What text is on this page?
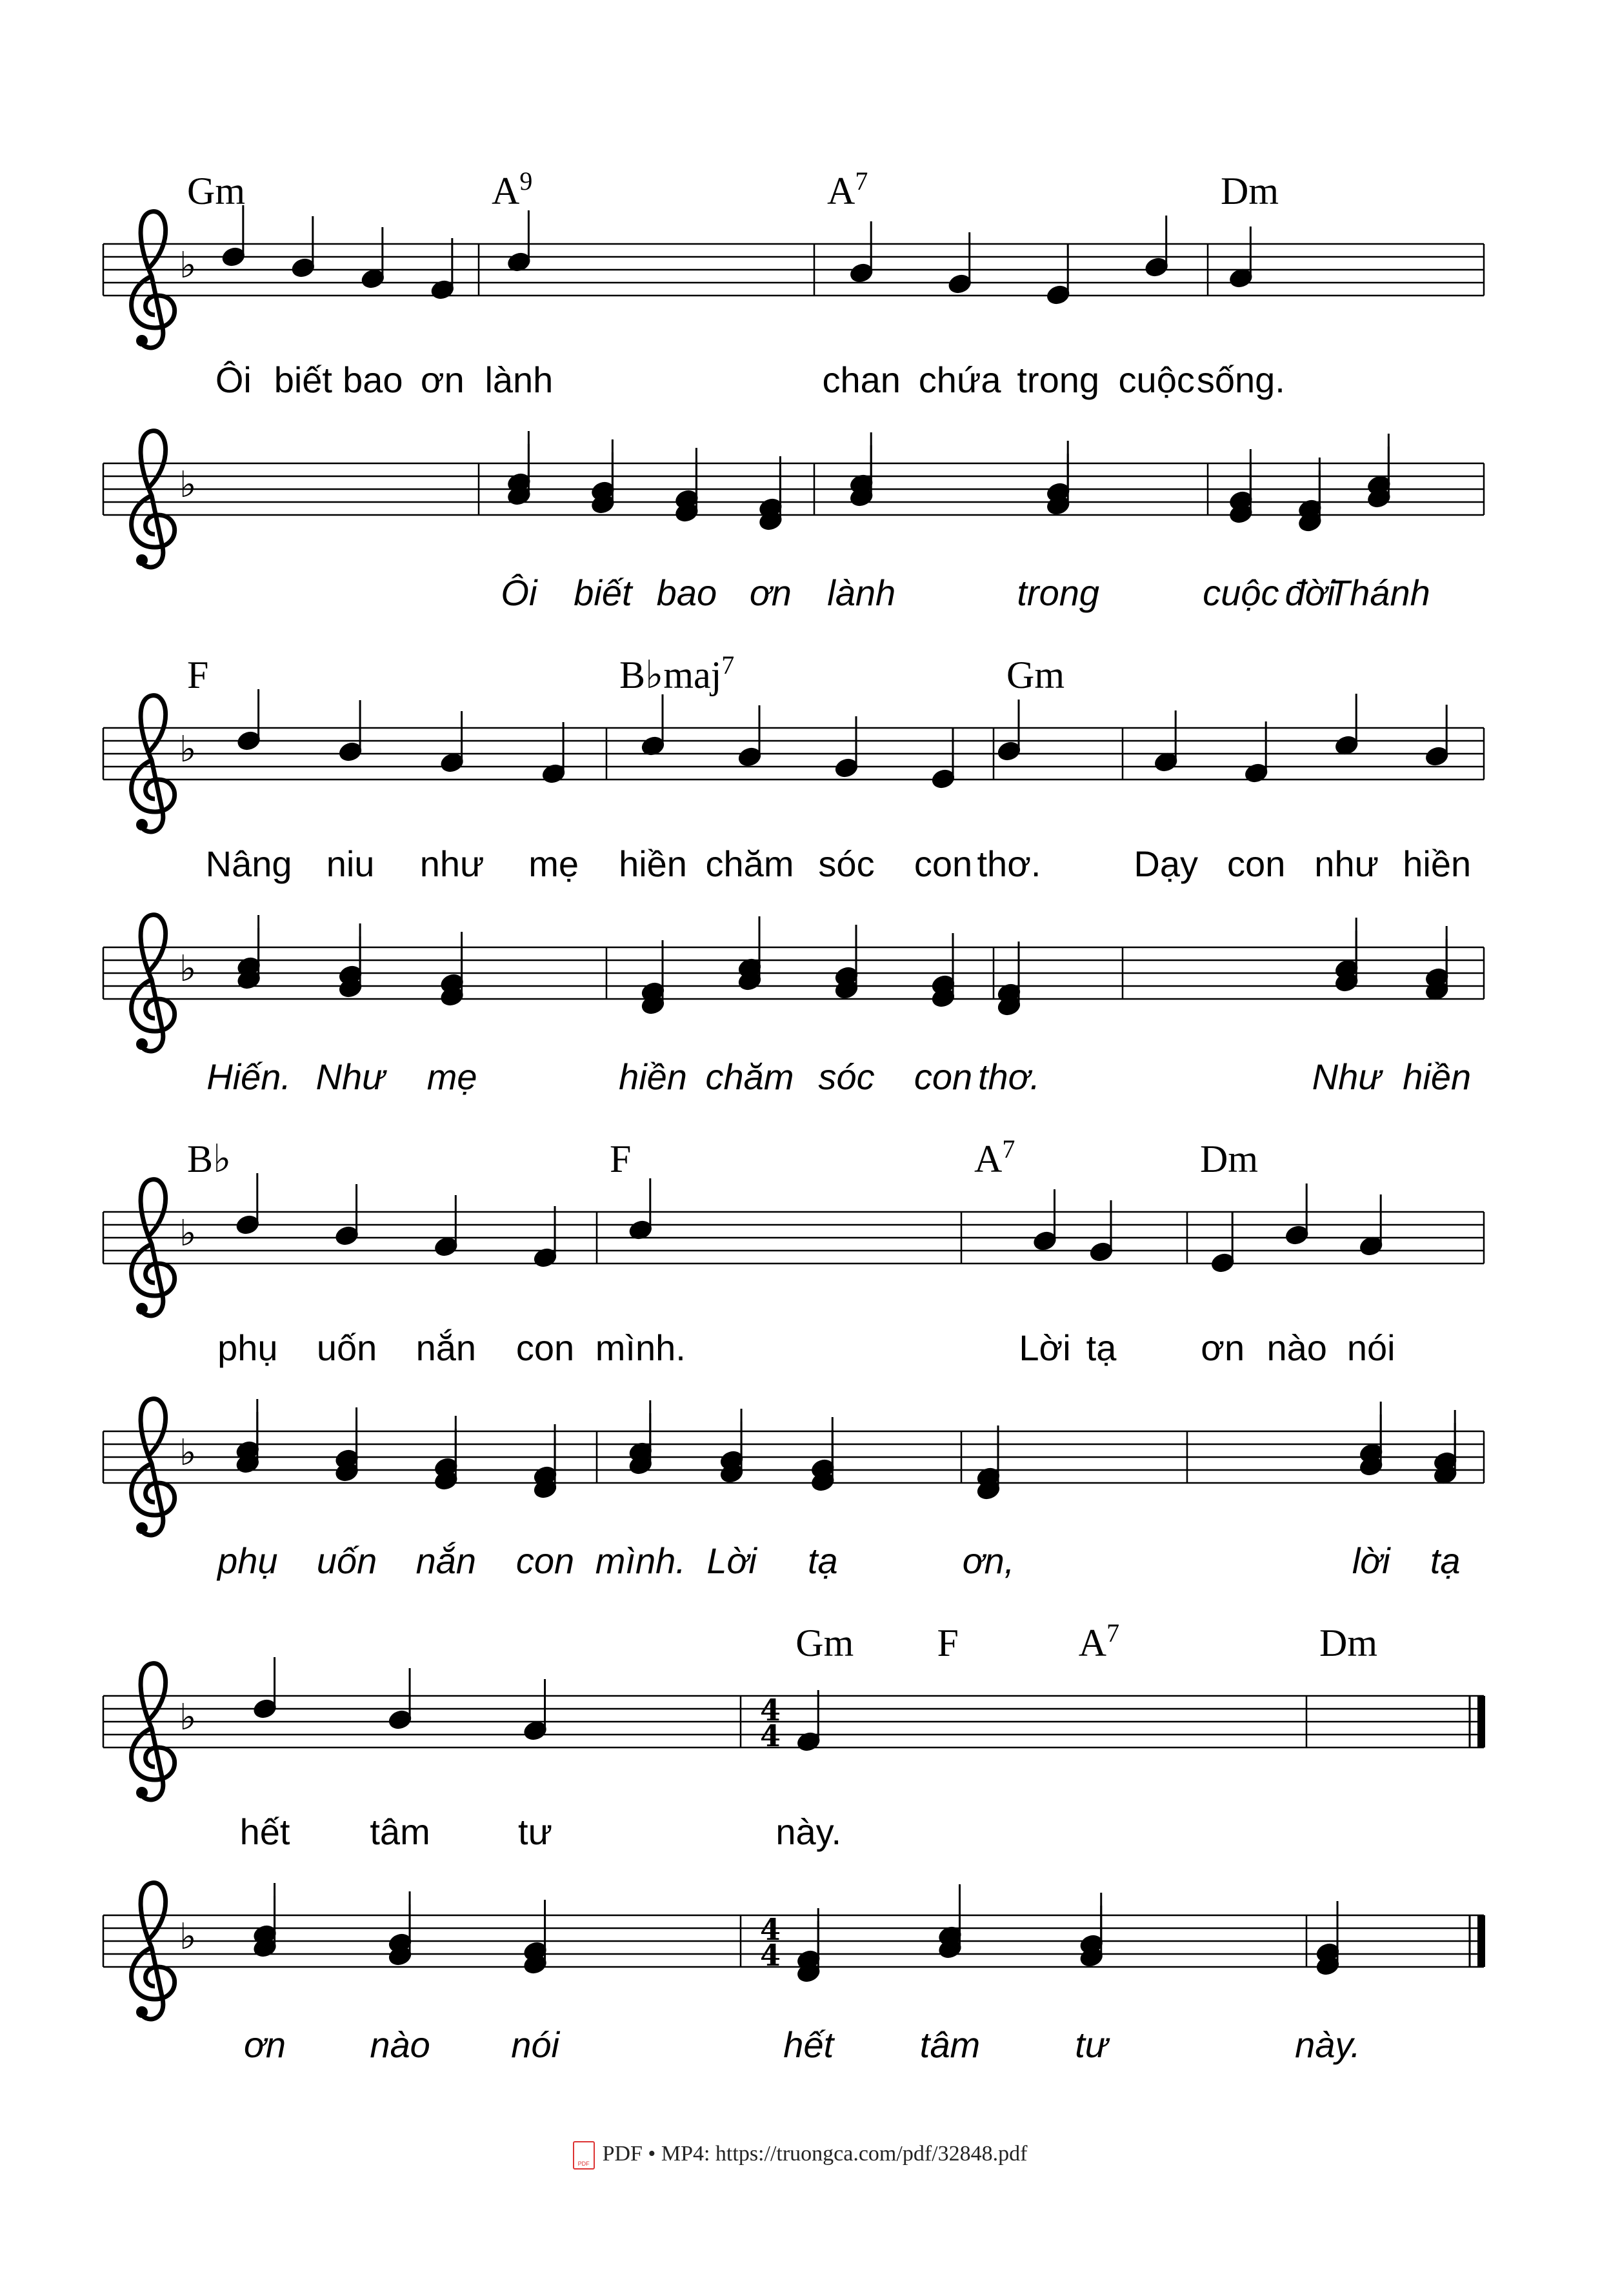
♭
♭
Gm	$A^9$	$A^7$	Dm
Ôi biết bao ơn lành	chan chứa trong cuộc sống.
Ôi biết bao ơn lành	trong	cuộc đời
Thánh
♭
♭
F	B♭maj$^7$	Gm
Nâng niu như mẹ hiền chăm sóc con thơ.	Dạy con như hiền
Hiến. Như mẹ	hiền chăm sóc con thơ.	Như hiền
♭
♭
B♭	F	$A^7$	Dm
phụ uốn nắn con mình.	Lời tạ ơn nào nói
phụ uốn nắn con mình. Lời tạ	ơn,	lời tạ
♭	4
4
♭	4
4
Gm F	$A^7$	Dm
hết tâm tư	này.
ơn nào nói	hết tâm	tư	này.
PDFPDF • MP4: https://truongca.com/pdf/32848.pdf
